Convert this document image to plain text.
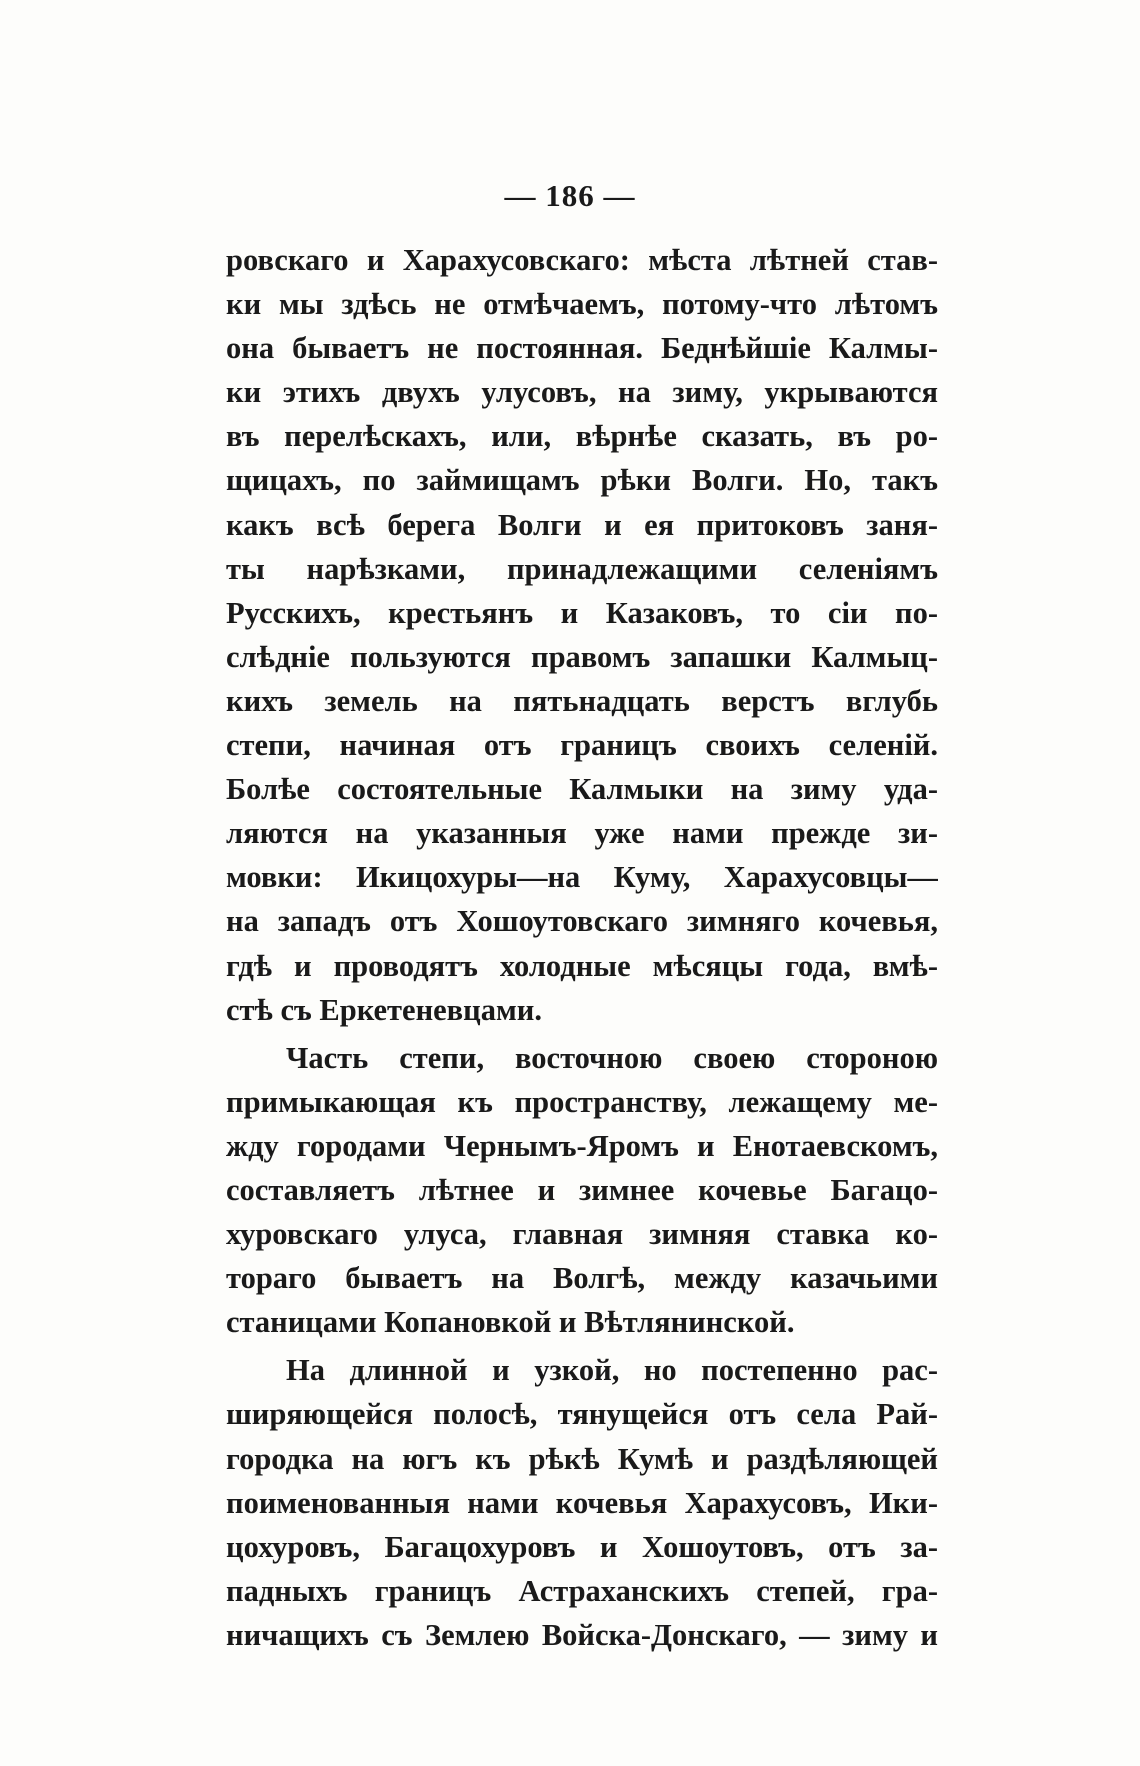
— 186 —
ровскаго и Харахусовскаго: мѣста лѣтней став-
ки мы здѣсь не отмѣчаемъ, потому-что лѣтомъ
она бываетъ не постоянная. Беднѣйшіе Калмы-
ки этихъ двухъ улусовъ, на зиму, укрываются
въ перелѣскахъ, или, вѣрнѣе сказать, въ ро-
щицахъ, по займищамъ рѣки Волги. Но, такъ
какъ всѣ берега Волги и ея притоковъ заня-
ты нарѣзками, принадлежащими селеніямъ
Русскихъ, крестьянъ и Казаковъ, то сіи по-
слѣдніе пользуются правомъ запашки Калмыц-
кихъ земель на пятьнадцать верстъ вглубь
степи, начиная отъ границъ своихъ селеній.
Болѣе состоятельные Калмыки на зиму уда-
ляются на указанныя уже нами прежде зи-
мовки: Икицохуры—на Куму, Харахусовцы—
на западъ отъ Хошоутовскаго зимняго кочевья,
гдѣ и проводятъ холодные мѣсяцы года, вмѣ-
стѣ съ Еркетеневцами.
Часть степи, восточною своею стороною
примыкающая къ пространству, лежащему ме-
жду городами Чернымъ-Яромъ и Енотаевскомъ,
составляетъ лѣтнее и зимнее кочевье Багацо-
хуровскаго улуса, главная зимняя ставка ко-
тораго бываетъ на Волгѣ, между казачьими
станицами Копановкой и Вѣтлянинской.
На длинной и узкой, но постепенно рас-
ширяющейся полосѣ, тянущейся отъ села Рай-
городка на югъ къ рѣкѣ Кумѣ и раздѣляющей
поименованныя нами кочевья Харахусовъ, Ики-
цохуровъ, Багацохуровъ и Хошоутовъ, отъ за-
падныхъ границъ Астраханскихъ степей, гра-
ничащихъ съ Землею Войска-Донскаго, — зиму и
